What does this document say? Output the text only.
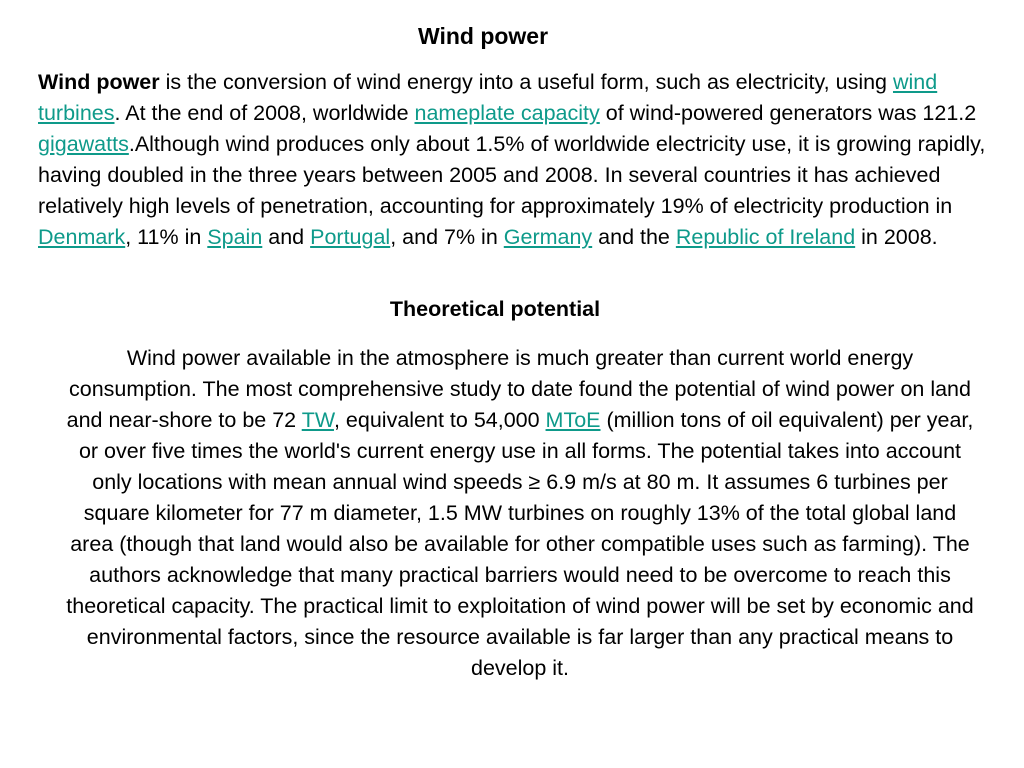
Wind power

Wind power is the conversion of wind energy into a useful form, such as electricity, using wind turbines. At the end of 2008, worldwide nameplate capacity of wind-powered generators was 121.2 gigawatts.Although wind produces only about 1.5% of worldwide electricity use, it is growing rapidly, having doubled in the three years between 2005 and 2008. In several countries it has achieved relatively high levels of penetration, accounting for approximately 19% of electricity production in Denmark, 11% in Spain and Portugal, and 7% in Germany and the Republic of Ireland in 2008.

Theoretical potential

Wind power available in the atmosphere is much greater than current world energy consumption. The most comprehensive study to date found the potential of wind power on land and near-shore to be 72 TW, equivalent to 54,000 MToE (million tons of oil equivalent) per year, or over five times the world's current energy use in all forms. The potential takes into account only locations with mean annual wind speeds ≥ 6.9 m/s at 80 m. It assumes 6 turbines per square kilometer for 77 m diameter, 1.5 MW turbines on roughly 13% of the total global land area (though that land would also be available for other compatible uses such as farming). The authors acknowledge that many practical barriers would need to be overcome to reach this theoretical capacity. The practical limit to exploitation of wind power will be set by economic and environmental factors, since the resource available is far larger than any practical means to develop it.
